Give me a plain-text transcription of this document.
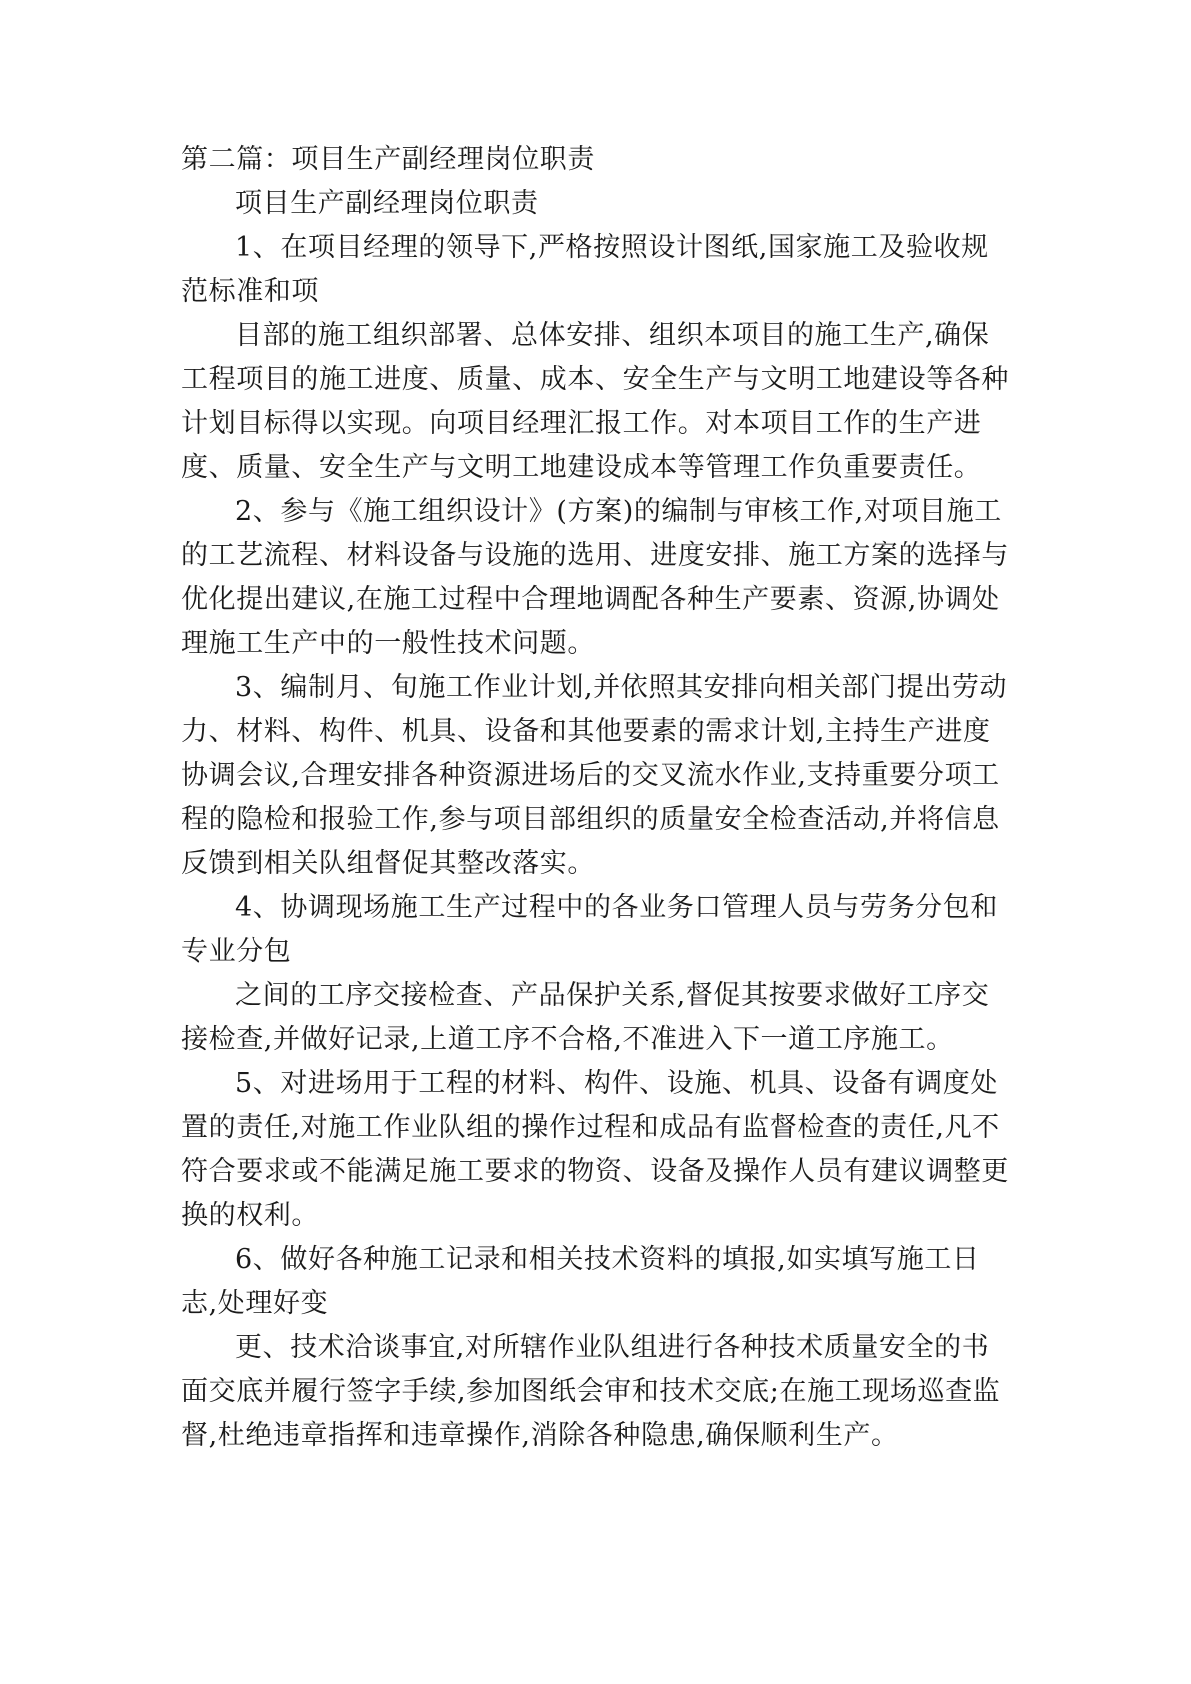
第二篇：项目生产副经理岗位职责

项目生产副经理岗位职责

1、在项目经理的领导下,严格按照设计图纸,国家施工及验收规范标准和项

目部的施工组织部署、总体安排、组织本项目的施工生产,确保工程项目的施工进度、质量、成本、安全生产与文明工地建设等各种计划目标得以实现。向项目经理汇报工作。对本项目工作的生产进度、质量、安全生产与文明工地建设成本等管理工作负重要责任。

2、参与《施工组织设计》(方案)的编制与审核工作,对项目施工的工艺流程、材料设备与设施的选用、进度安排、施工方案的选择与优化提出建议,在施工过程中合理地调配各种生产要素、资源,协调处理施工生产中的一般性技术问题。

3、编制月、旬施工作业计划,并依照其安排向相关部门提出劳动力、材料、构件、机具、设备和其他要素的需求计划,主持生产进度协调会议,合理安排各种资源进场后的交叉流水作业,支持重要分项工程的隐检和报验工作,参与项目部组织的质量安全检查活动,并将信息反馈到相关队组督促其整改落实。

4、协调现场施工生产过程中的各业务口管理人员与劳务分包和专业分包

之间的工序交接检查、产品保护关系,督促其按要求做好工序交接检查,并做好记录,上道工序不合格,不准进入下一道工序施工。

5、对进场用于工程的材料、构件、设施、机具、设备有调度处置的责任,对施工作业队组的操作过程和成品有监督检查的责任,凡不符合要求或不能满足施工要求的物资、设备及操作人员有建议调整更换的权利。

6、做好各种施工记录和相关技术资料的填报,如实填写施工日志,处理好变

更、技术洽谈事宜,对所辖作业队组进行各种技术质量安全的书面交底并履行签字手续,参加图纸会审和技术交底;在施工现场巡查监督,杜绝违章指挥和违章操作,消除各种隐患,确保顺利生产。
